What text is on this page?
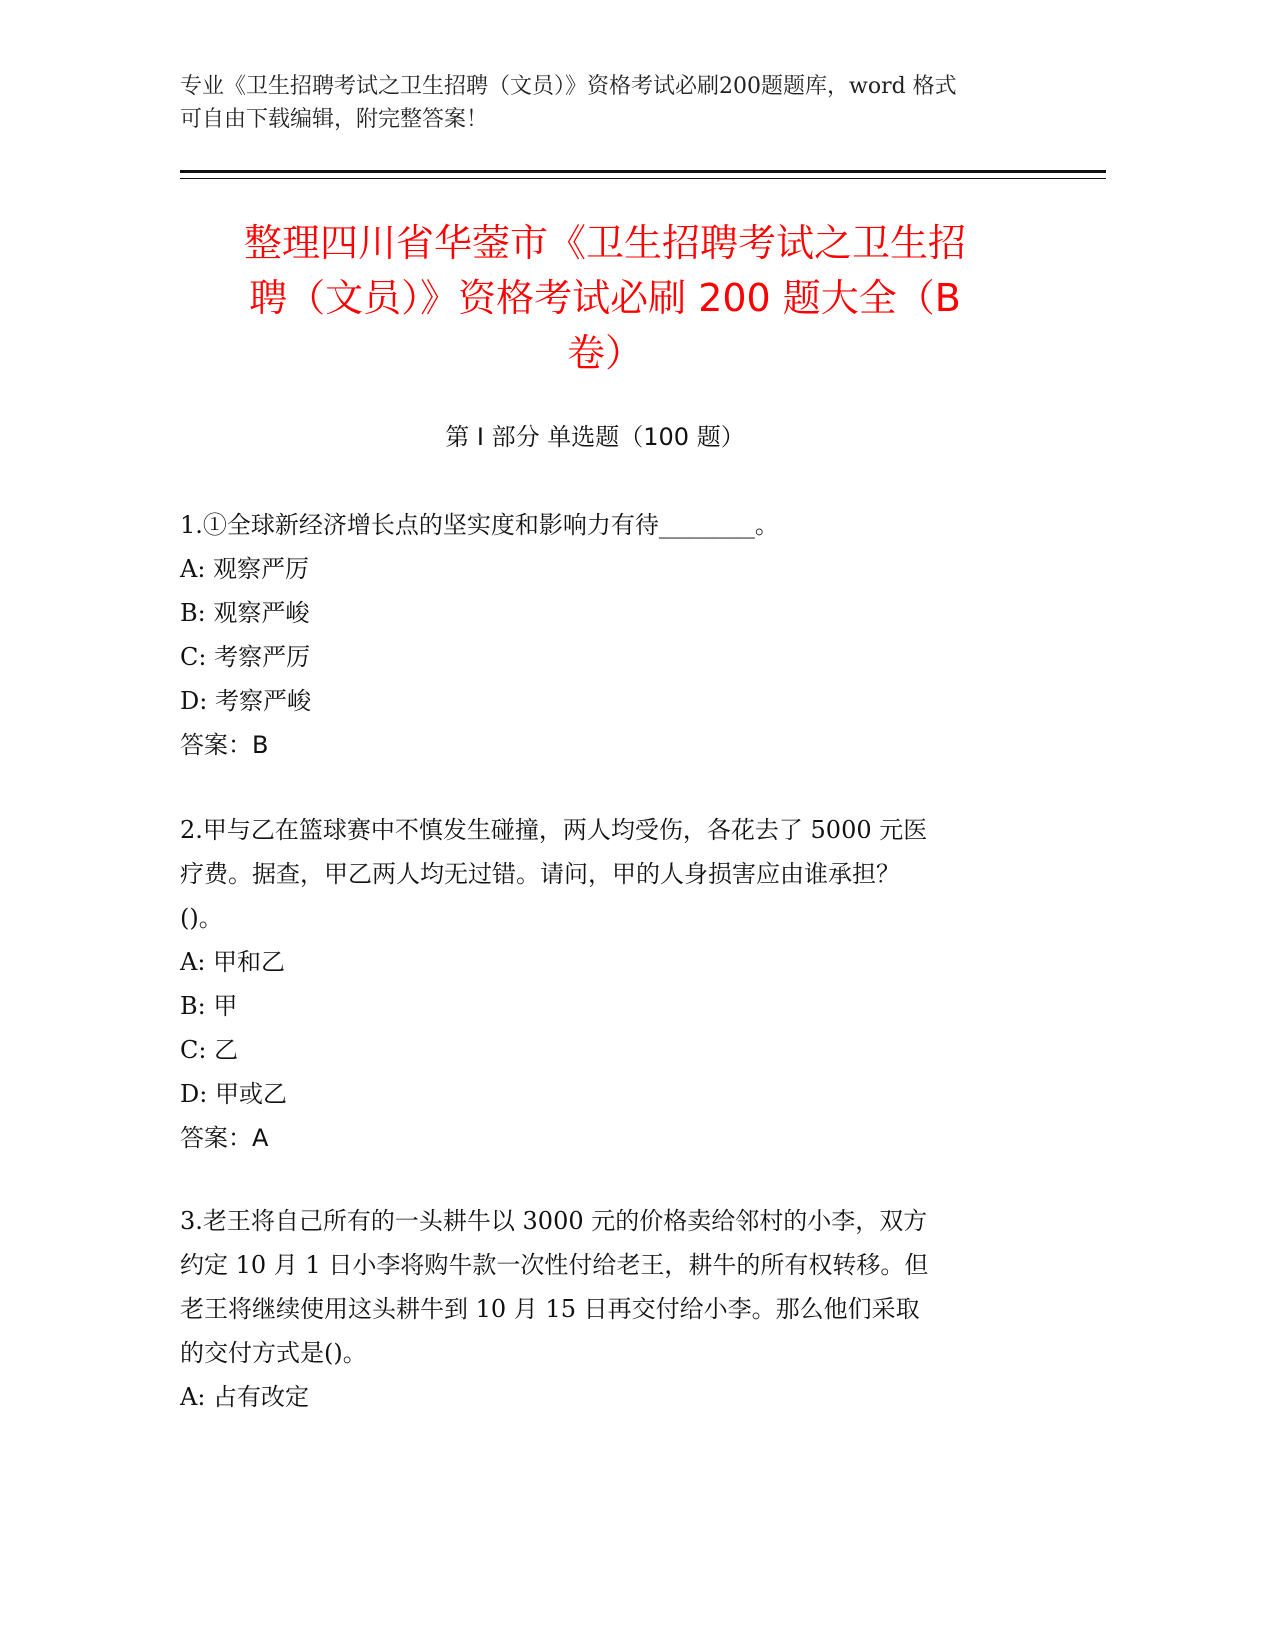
专业《卫生招聘考试之卫生招聘（文员）》资格考试必刷200题题库，word 格式

可自由下载编辑，附完整答案！

整理四川省华蓥市《卫生招聘考试之卫生招
聘（文员）》资格考试必刷 200 题大全（B
卷）
第 I 部分 单选题（100 题）

1.①全球新经济增长点的坚实度和影响力有待________。

A: 观察严厉

B: 观察严峻

C: 考察严厉

D: 考察严峻

答案：B

2.甲与乙在篮球赛中不慎发生碰撞，两人均受伤，各花去了 5000 元医
疗费。据查，甲乙两人均无过错。请问，甲的人身损害应由谁承担？
()。

A: 甲和乙

B: 甲

C: 乙

D: 甲或乙

答案：A

3.老王将自己所有的一头耕牛以 3000 元的价格卖给邻村的小李，双方
约定 10 月 1 日小李将购牛款一次性付给老王，耕牛的所有权转移。但
老王将继续使用这头耕牛到 10 月 15 日再交付给小李。那么他们采取
的交付方式是()。

A: 占有改定
